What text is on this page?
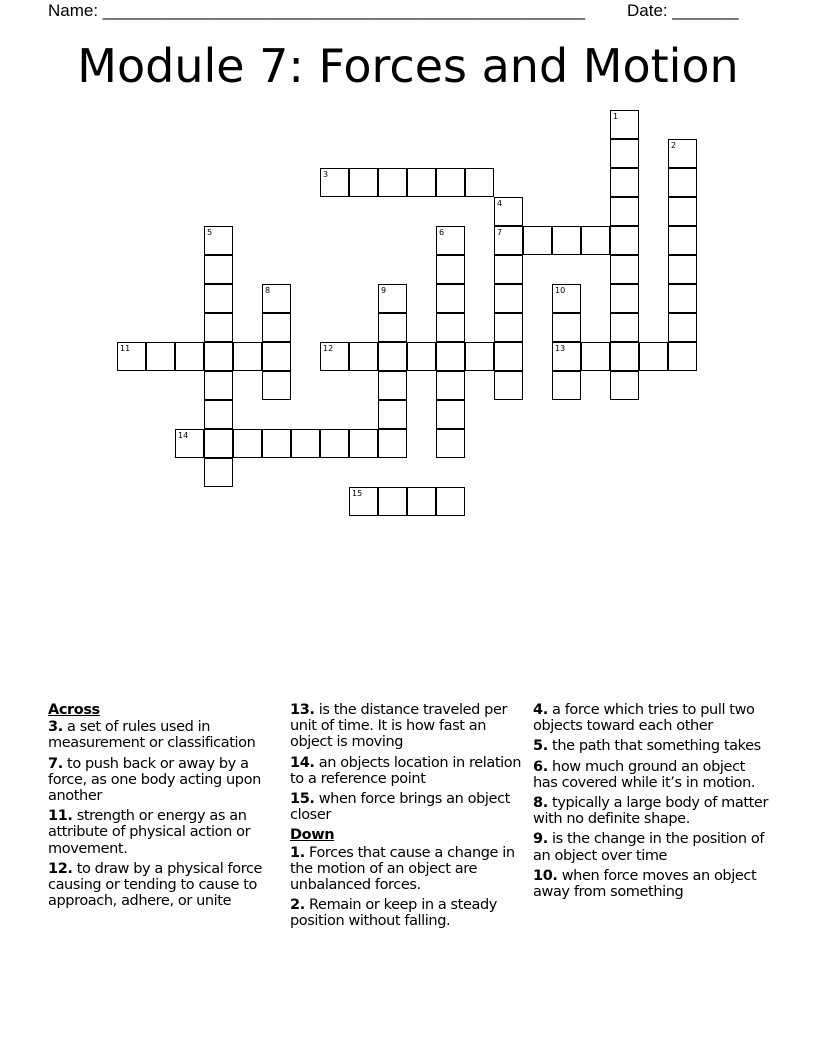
Name: ___________________________________________________ Date: _______
Module 7: Forces and Motion
1
2
3
4
7
5	6
8	9	10
13
11	12
14
15
Across
3. a set of rules used in measurement or classification
7. to push back or away by a force, as one body acting upon another
11. strength or energy as an attribute of physical action or movement.
12. to draw by a physical force causing or tending to cause to approach, adhere, or unite
13. is the distance traveled per unit of time. It is how fast an object is moving
14. an objects location in relation to a reference point
15. when force brings an object closer
Down
1. Forces that cause a change in the motion of an object are unbalanced forces.
2. Remain or keep in a steady position without falling.
4. a force which tries to pull two objects toward each other
5. the path that something takes
6. how much ground an object has covered while it’s in motion.
8. typically a large body of matter with no definite shape.
9. is the change in the position of an object over time
10. when force moves an object away from something
